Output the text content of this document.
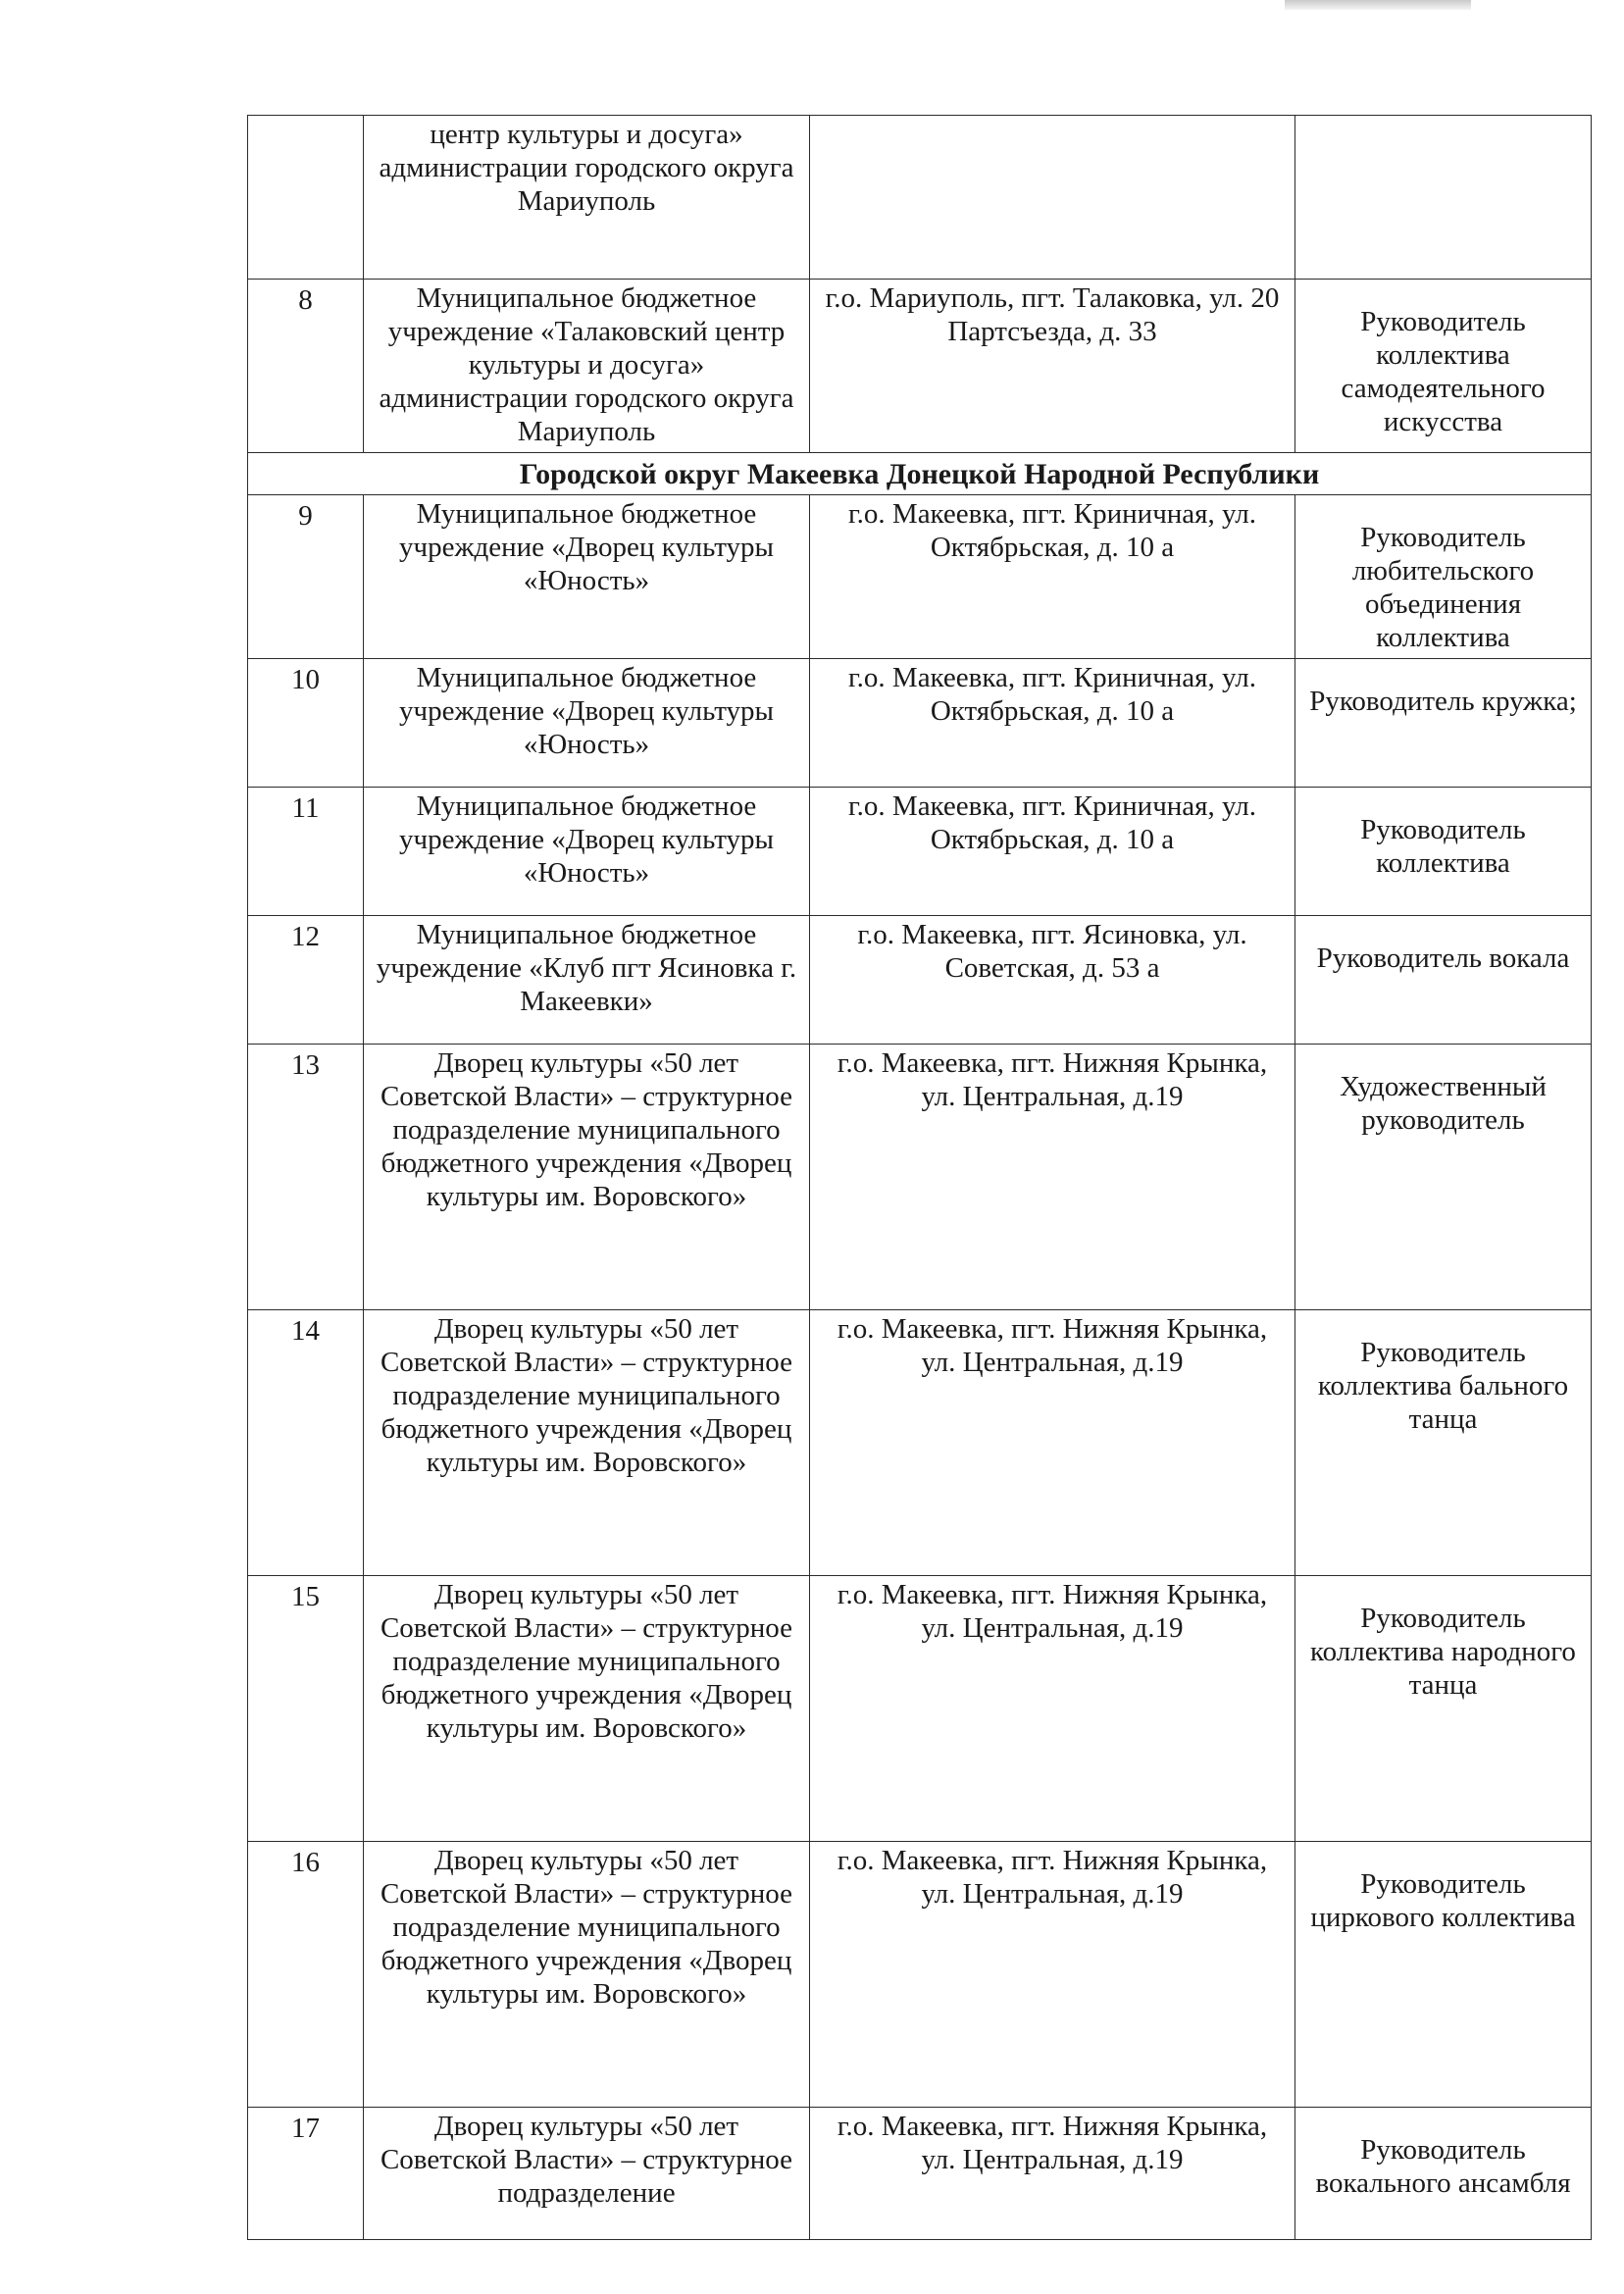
	центр культуры и досуга» администрации городского округа Мариуполь		
8	Муниципальное бюджетное учреждение «Талаковский центр культуры и досуга» администрации городского округа Мариуполь	г.о. Мариуполь, пгт. Талаковка, ул. 20 Партсъезда, д. 33	Руководитель коллектива самодеятельного искусства
Городской округ Макеевка Донецкой Народной Республики			
9	Муниципальное бюджетное учреждение «Дворец культуры «Юность»	г.о. Макеевка, пгт. Криничная, ул. Октябрьская, д. 10 а	Руководитель любительского объединения коллектива
10	Муниципальное бюджетное учреждение «Дворец культуры «Юность»	г.о. Макеевка, пгт. Криничная, ул. Октябрьская, д. 10 а	Руководитель кружка;
11	Муниципальное бюджетное учреждение «Дворец культуры «Юность»	г.о. Макеевка, пгт. Криничная, ул. Октябрьская, д. 10 а	Руководитель коллектива
12	Муниципальное бюджетное учреждение «Клуб пгт Ясиновка г. Макеевки»	г.о. Макеевка, пгт. Ясиновка, ул. Советская, д. 53 а	Руководитель вокала
13	Дворец культуры «50 лет Советской Власти» – структурное подразделение муниципального бюджетного учреждения «Дворец культуры им. Воровского»	г.о. Макеевка, пгт. Нижняя Крынка, ул. Центральная, д.19	Художественный руководитель
14	Дворец культуры «50 лет Советской Власти» – структурное подразделение муниципального бюджетного учреждения «Дворец культуры им. Воровского»	г.о. Макеевка, пгт. Нижняя Крынка, ул. Центральная, д.19	Руководитель коллектива бального танца
15	Дворец культуры «50 лет Советской Власти» – структурное подразделение муниципального бюджетного учреждения «Дворец культуры им. Воровского»	г.о. Макеевка, пгт. Нижняя Крынка, ул. Центральная, д.19	Руководитель коллектива народного танца
16	Дворец культуры «50 лет Советской Власти» – структурное подразделение муниципального бюджетного учреждения «Дворец культуры им. Воровского»	г.о. Макеевка, пгт. Нижняя Крынка, ул. Центральная, д.19	Руководитель циркового коллектива
17	Дворец культуры «50 лет Советской Власти» – структурное подразделение	г.о. Макеевка, пгт. Нижняя Крынка, ул. Центральная, д.19	Руководитель вокального ансамбля
